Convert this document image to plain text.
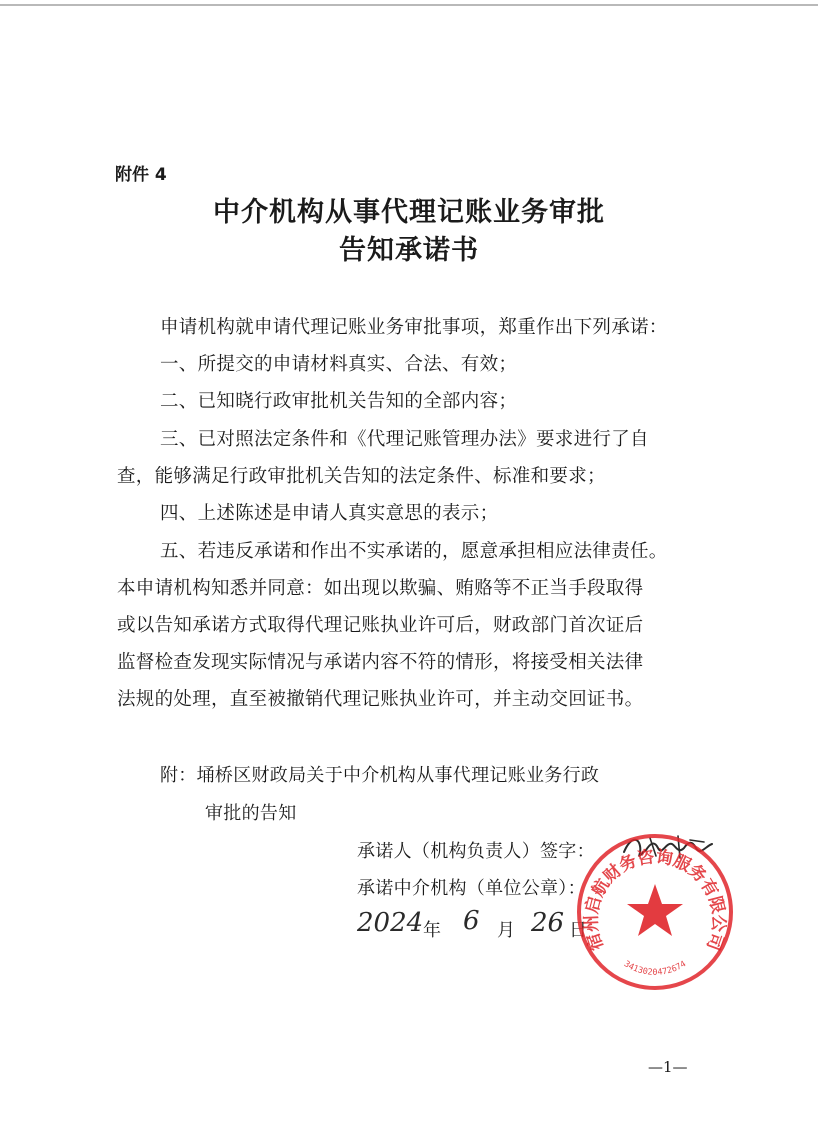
附件 4
中介机构从事代理记账业务审批
告知承诺书
申请机构就申请代理记账业务审批事项，郑重作出下列承诺：
一、所提交的申请材料真实、合法、有效；
二、已知晓行政审批机关告知的全部内容；
三、已对照法定条件和《代理记账管理办法》要求进行了自
查，能够满足行政审批机关告知的法定条件、标准和要求；
四、上述陈述是申请人真实意思的表示；
五、若违反承诺和作出不实承诺的，愿意承担相应法律责任。
本申请机构知悉并同意：如出现以欺骗、贿赂等不正当手段取得
或以告知承诺方式取得代理记账执业许可后，财政部门首次证后
监督检查发现实际情况与承诺内容不符的情形，将接受相关法律
法规的处理，直至被撤销代理记账执业许可，并主动交回证书。
附：埇桥区财政局关于中介机构从事代理记账业务行政
审批的告知
承诺人（机构负责人）签字：
承诺中介机构（单位公章）：
2024 年 6 月 26 日
宿州启航财务咨询服务有限公司
3413020472674
—1—
